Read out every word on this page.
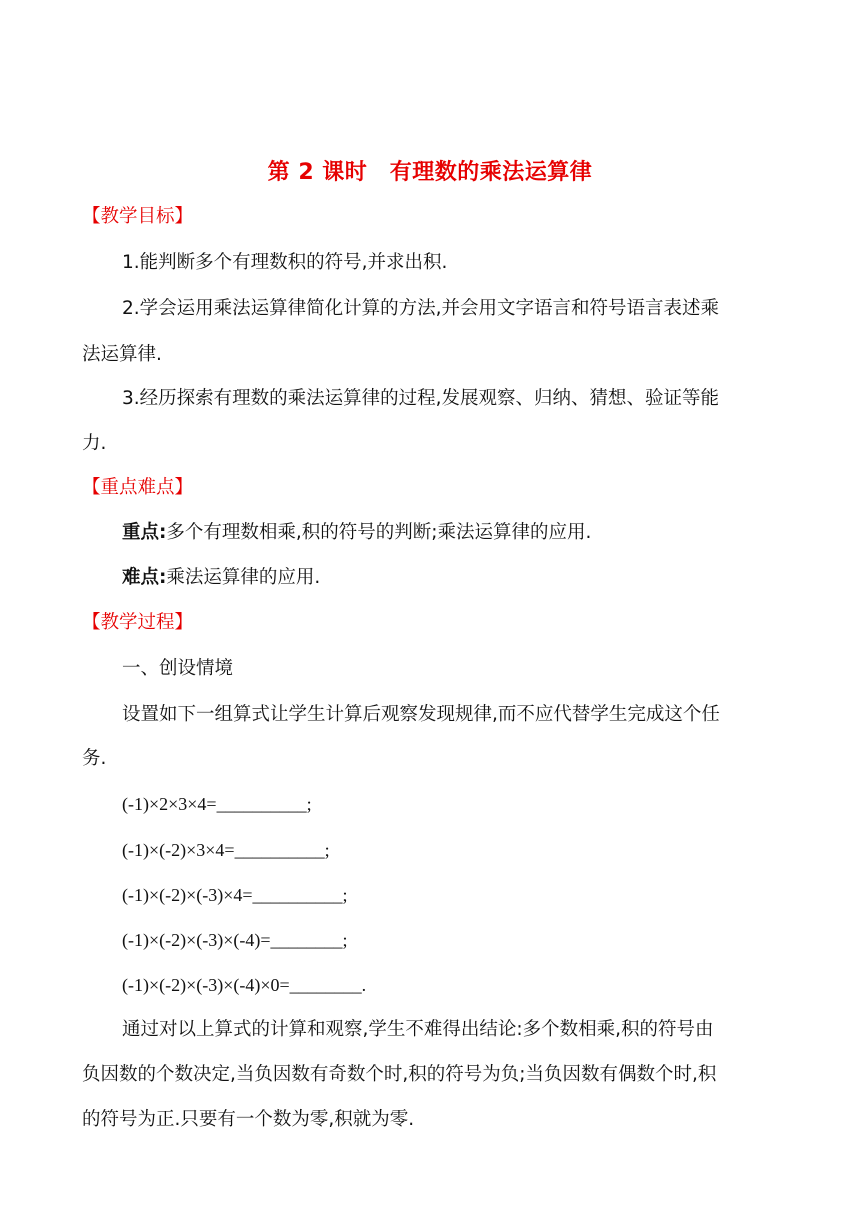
第 2 课时　有理数的乘法运算律
【教学目标】
1.能判断多个有理数积的符号,并求出积.
2.学会运用乘法运算律简化计算的方法,并会用文字语言和符号语言表述乘
法运算律.
3.经历探索有理数的乘法运算律的过程,发展观察、归纳、猜想、验证等能
力.
【重点难点】
重点:多个有理数相乘,积的符号的判断;乘法运算律的应用.
难点:乘法运算律的应用.
【教学过程】
一、创设情境
设置如下一组算式让学生计算后观察发现规律,而不应代替学生完成这个任
务.
(-1)×2×3×4=__________;
(-1)×(-2)×3×4=__________;
(-1)×(-2)×(-3)×4=__________;
(-1)×(-2)×(-3)×(-4)=________;
(-1)×(-2)×(-3)×(-4)×0=________.
通过对以上算式的计算和观察,学生不难得出结论:多个数相乘,积的符号由
负因数的个数决定,当负因数有奇数个时,积的符号为负;当负因数有偶数个时,积
的符号为正.只要有一个数为零,积就为零.
